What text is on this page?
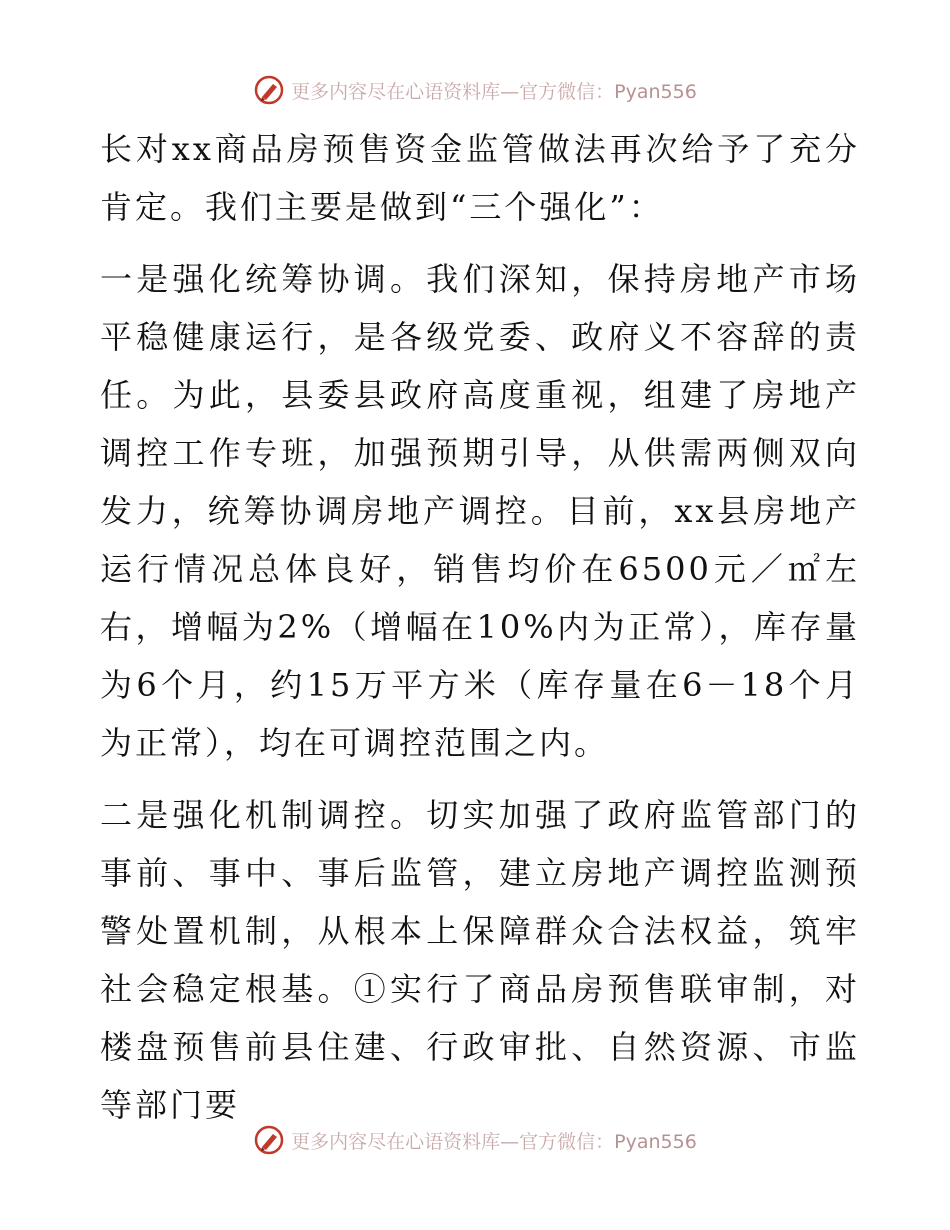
更多内容尽在心语资料库—官方微信：Pyan556

长对xx商品房预售资金监管做法再次给予了充分肯定。我们主要是做到“三个强化”：

一是强化统筹协调。我们深知，保持房地产市场平稳健康运行，是各级党委、政府义不容辞的责任。为此，县委县政府高度重视，组建了房地产调控工作专班，加强预期引导，从供需两侧双向发力，统筹协调房地产调控。目前，xx县房地产运行情况总体良好，销售均价在6500元／㎡左右，增幅为2%（增幅在10%内为正常），库存量为6个月，约15万平方米（库存量在6－18个月为正常），均在可调控范围之内。

二是强化机制调控。切实加强了政府监管部门的事前、事中、事后监管，建立房地产调控监测预警处置机制，从根本上保障群众合法权益，筑牢社会稳定根基。①实行了商品房预售联审制，对楼盘预售前县住建、行政审批、自然资源、市监等部门要

更多内容尽在心语资料库—官方微信：Pyan556
